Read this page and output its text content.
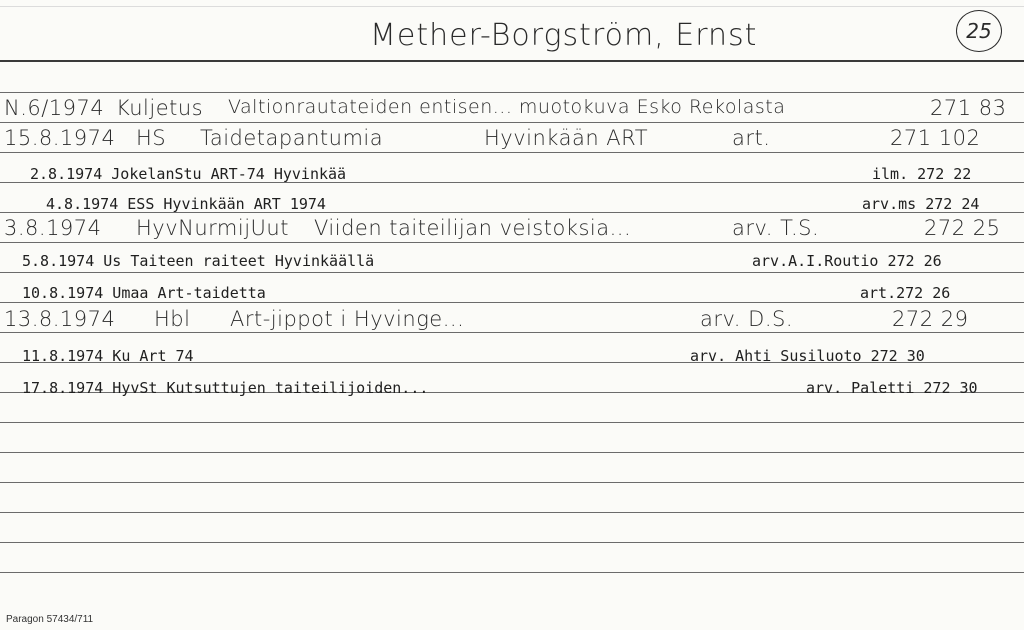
Mether-Borgström, Ernst	25
N.6/1974 Kuljetus Valtionrautateiden entisen... muotokuva Esko Rekolasta	271 83
15.8.1974 HS Taidetapantumia	Hyvinkään ART	art.	271 102
2.8.1974 JokelanStu ART-74 Hyvinkää	ilm. 272 22
4.8.1974 ESS Hyvinkään ART 1974	arv.ms 272 24
3.8.1974 HyvNurmijUut Viiden taiteilijan veistoksia...	arv. T.S.	272 25
5.8.1974 Us Taiteen raiteet Hyvinkäällä	arv.A.I.Routio 272 26
10.8.1974 Umaa Art-taidetta	art.272 26
13.8.1974 Hbl Art-jippot i Hyvinge...	arv. D.S.	272 29
11.8.1974 Ku Art 74	arv. Ahti Susiluoto 272 30
17.8.1974 HyvSt Kutsuttujen taiteilijoiden...	arv. Paletti 272 30
Paragon 57434/711
